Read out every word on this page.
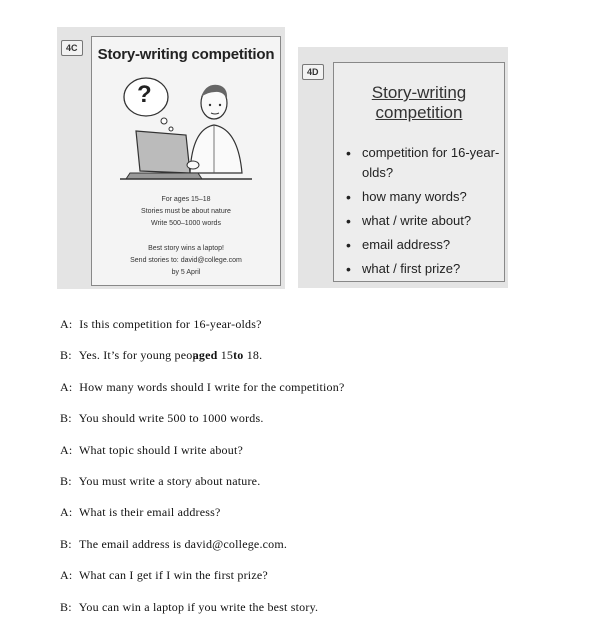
4C	Story-writing competition
?
For ages 15–18
Stories must be about nature
Write 500–1000 words
Best story wins a laptop!
Send stories to: david@college.com
by 5 April
4D
Story-writing
competition
• competition for 16-year-olds?
• how many words?
• what / write about?
• email address?
• what / first prize?
A: Is this competition for 16-year-olds?
B: Yes. It’s for young peopaged 15to 18.
A: How many words should I write for the competition?
B: You should write 500 to 1000 words.
A: What topic should I write about?
B: You must write a story about nature.
A: What is their email address?
B: The email address is david@college.com.
A: What can I get if I win the first prize?
B: You can win a laptop if you write the best story.
